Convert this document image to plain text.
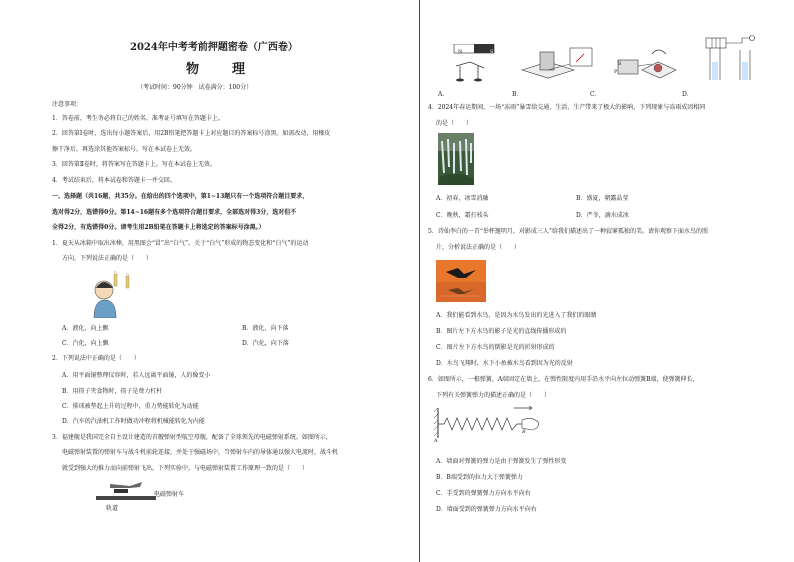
2024年中考考前押题密卷（广西卷）
物　理
（考试时间：90分钟　试卷满分：100分）
注意事项：
1．答卷前，考生务必将自己的姓名、准考证号填写在答题卡上。
2．回答第Ⅰ卷时，选出每小题答案后，用2B铅笔把答题卡上对应题目的答案标号涂黑。如需改动，用橡皮
擦干净后，再选涂其他答案标号。写在本试卷上无效。
3．回答第Ⅱ卷时，将答案写在答题卡上。写在本试卷上无效。
4．考试结束后，将本试卷和答题卡一并交回。
一、选择题（共16题，共35分。在给出的四个选项中，第1~13题只有一个选项符合题目要求，
选对得2分，选错得0分。第14~16题有多个选项符合题目要求，全部选对得3分，选对但不
全得2分，有选错得0分。请考生用2B铅笔在答题卡上将选定的答案标号涂黑。）
1．夏天从冰箱中取出冰棒，用黑图会“冒”出“白气”。关于“白气”形成的物态变化和“白气”的运动
方向，下列说法正确的是（　　）
A．液化，向上飘	B．液化，向下落
C．汽化，向上飘	D．汽化，向下落
2．下列说法中正确的是（　　）
A．用平面镜整理仪容时，若人远离平面镜，人的像变小
B．用筷子夹食物时，筷子是费力杠杆
C．排球被垫起上升的过程中，重力势能转化为动能
D．汽车的汽油机工作时做功冲程将机械能转化为内能
3．福建舰是我国完全自主设计建造的首艘弹射型航空母舰，配备了全球领先的电磁弹射系统。如图所示，
电磁弹射装置的弹射车与战斗机前轮连接，并处于强磁场中，当弹射车内的导体通以强大电流时，战斗机
就受到强大的推力而向前弹射飞出。下列实验中，与电磁弹射装置工作原理一致的是（　　）
电磁弹射车
轨道
N	S
S
P
A．	B．	C．	D．
4．2024年春运期间，一场“冻雨”暴雪给交通、生活、生产带来了极大的影响，下列现象与冻雨成因相同
的是（　　）
A．初春，冰雪消融	B．盛夏，朝露晶莹
C．晚秋，霜打枝头	D．严冬，滴水成冰
5．诗仙李白的一首“举杯邀明月，对影成三人”给我们描述出了一种寂寥孤独的美。请你观察下面水鸟的照
片，分析说法正确的是（　　）
A．我们能看到水鸟，是因为水鸟发出的光进入了我们的眼睛
B．图片左下方水鸟的影子是光的直线传播形成的
C．图片左下方水鸟的倒影是光的折射形成的
D．水鸟飞翔时，水下小鱼被水鸟看到因为光的反射
6．如图所示，一根弹簧，A端固定在墙上，在弹性限度内用手沿水平向左拉动弹簧B端，使弹簧伸长，
下列有关弹簧弹力的描述正确的是（　　）
A
B
A．墙面对弹簧的弹力是由于弹簧发生了弹性形变
B．B端受到的拉力大于弹簧弹力
C．手受到的弹簧弹力方向水平向右
D．墙面受到的弹簧弹力方向水平向右
